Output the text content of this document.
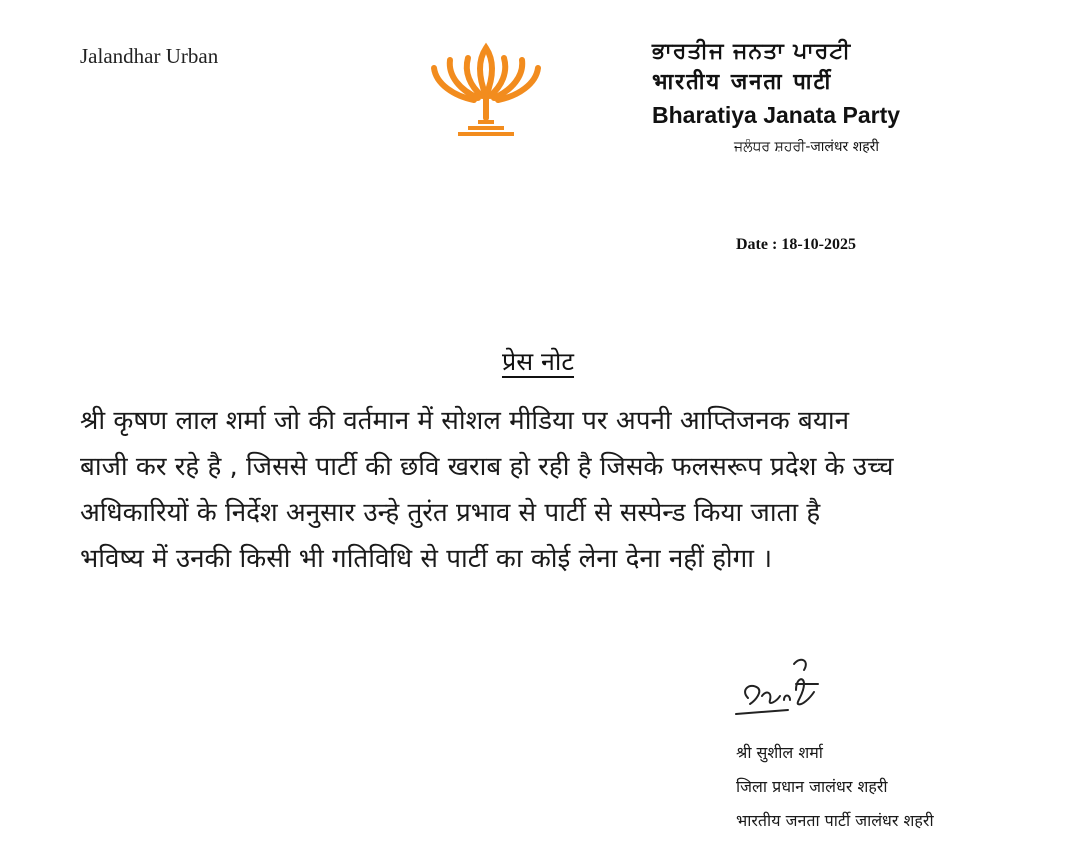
Jalandhar Urban	ਭਾਰਤੀਜ ਜਨਤਾ ਪਾਰਟੀ
भारतीय जनता पार्टी
Bharatiya Janata Party
ਜਲੰਧਰ ਸ਼ਹਰੀ-जालंधर शहरी
Date : 18-10-2025
प्रेस नोट

श्री कृषण लाल शर्मा जो की वर्तमान में सोशल मीडिया पर अपनी आप्तिजनक बयान

बाजी कर रहे है , जिससे पार्टी की छवि खराब हो रही है जिसके फलसरूप प्रदेश के उच्च

अधिकारियों के निर्देश अनुसार उन्हे तुरंत प्रभाव से पार्टी से सस्पेन्ड किया जाता है

भविष्य में उनकी किसी भी गतिविधि से पार्टी का कोई लेना देना नहीं होगा ।

श्री सुशील शर्मा
जिला प्रधान जालंधर शहरी
भारतीय जनता पार्टी जालंधर शहरी
